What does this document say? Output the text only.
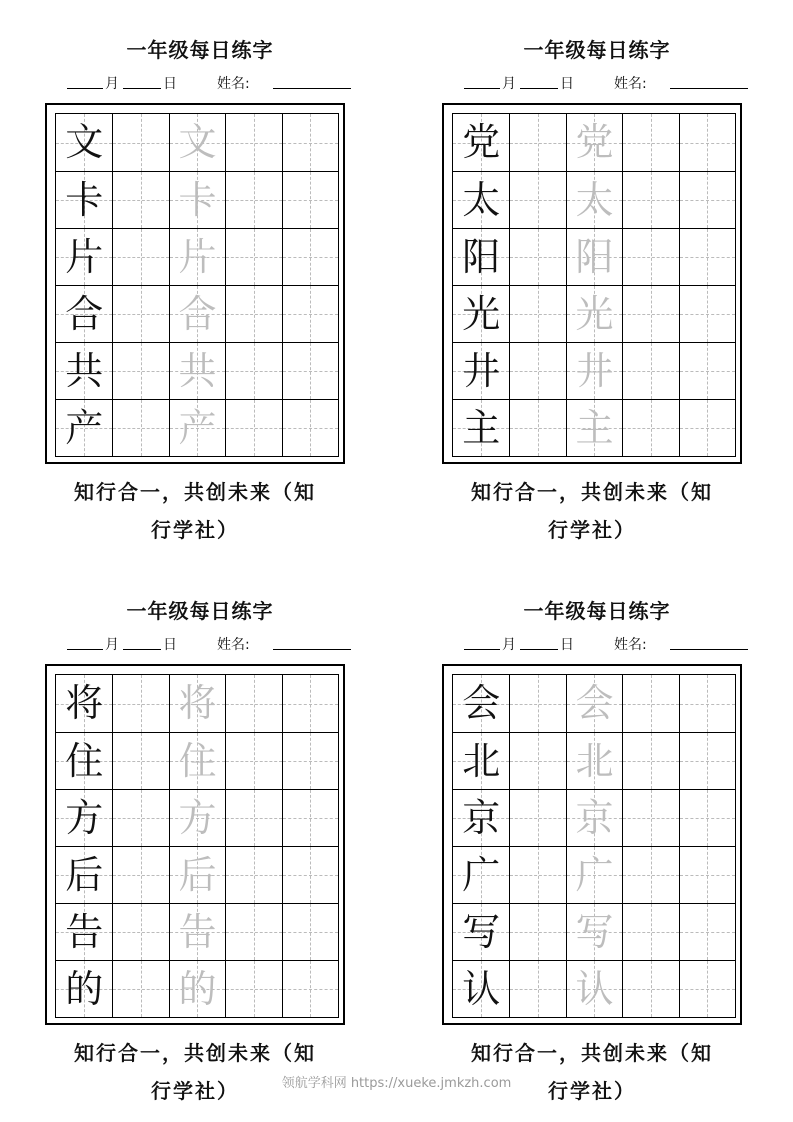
一年级每日练字
月	日	姓名:
文 文
卡 卡
片 片
合 合
共 共
产 产
知行合一，共创未来（知
行学社）
一年级每日练字
月	日	姓名:
党 党
太 太
阳 阳
光 光
井 井
主 主
知行合一，共创未来（知
行学社）
一年级每日练字
月	日	姓名:
将 将
住 住
方 方
后 后
告 告
的 的
知行合一，共创未来（知
行学社）
一年级每日练字
月	日	姓名:
会 会
北 北
京 京
广 广
写 写
认 认
知行合一，共创未来（知
行学社）
领航学科网 https://xueke.jmkzh.com
